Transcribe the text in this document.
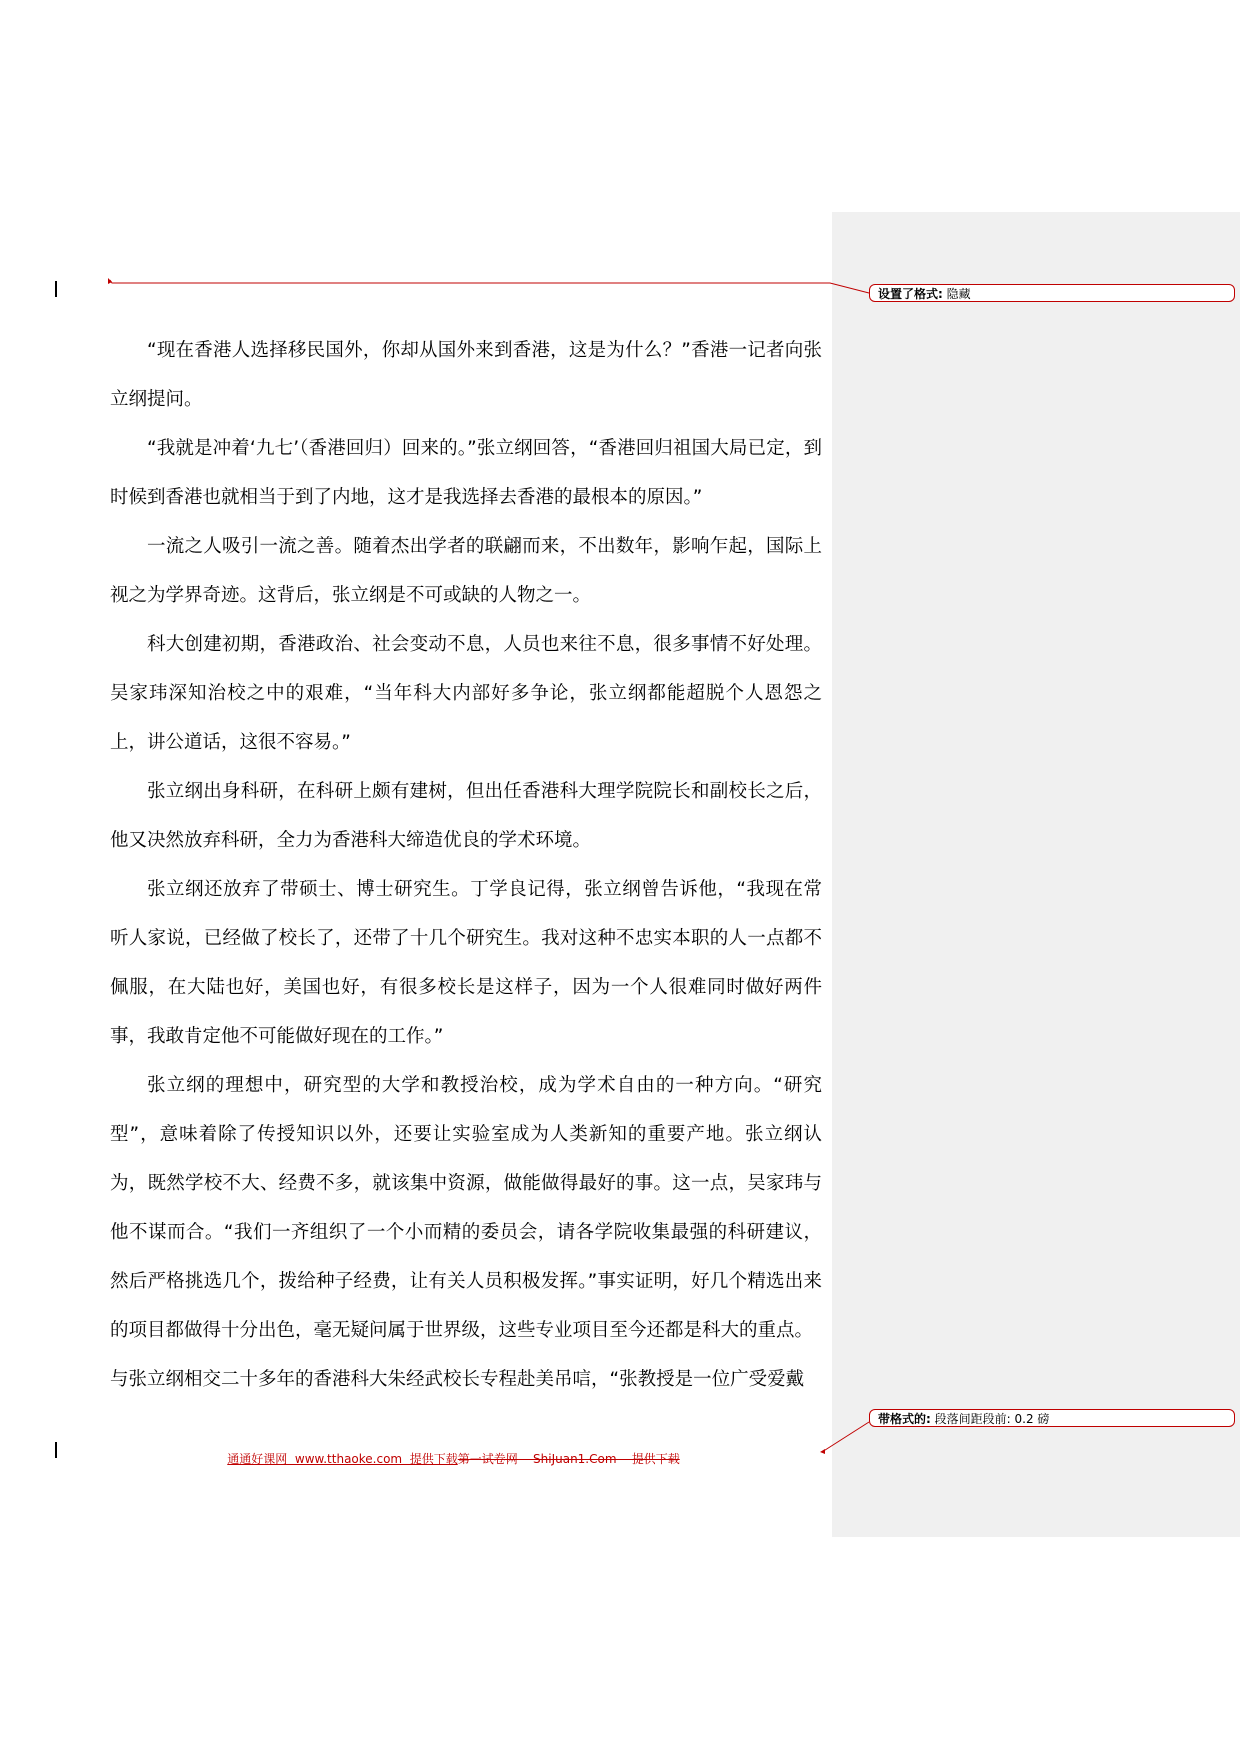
设置了格式: 隐藏
带格式的: 段落间距段前: 0.2 磅

“现在香港人选择移民国外，你却从国外来到香港，这是为什么？”香港一记者向张立纲提问。

“我就是冲着‘九七’（香港回归）回来的。”张立纲回答，“香港回归祖国大局已定，到时候到香港也就相当于到了内地，这才是我选择去香港的最根本的原因。”

一流之人吸引一流之善。随着杰出学者的联翩而来，不出数年，影响乍起，国际上视之为学界奇迹。这背后，张立纲是不可或缺的人物之一。

科大创建初期，香港政治、社会变动不息，人员也来往不息，很多事情不好处理。吴家玮深知治校之中的艰难，“当年科大内部好多争论，张立纲都能超脱个人恩怨之上，讲公道话，这很不容易。”

张立纲出身科研，在科研上颇有建树，但出任香港科大理学院院长和副校长之后，他又决然放弃科研，全力为香港科大缔造优良的学术环境。

张立纲还放弃了带硕士、博士研究生。丁学良记得，张立纲曾告诉他，“我现在常听人家说，已经做了校长了，还带了十几个研究生。我对这种不忠实本职的人一点都不佩服，在大陆也好，美国也好，有很多校长是这样子，因为一个人很难同时做好两件事，我敢肯定他不可能做好现在的工作。”

张立纲的理想中，研究型的大学和教授治校，成为学术自由的一种方向。“研究型”，意味着除了传授知识以外，还要让实验室成为人类新知的重要产地。张立纲认为，既然学校不大、经费不多，就该集中资源，做能做得最好的事。这一点，吴家玮与他不谋而合。“我们一齐组织了一个小而精的委员会，请各学院收集最强的科研建议，然后严格挑选几个，拨给种子经费，让有关人员积极发挥。”事实证明，好几个精选出来的项目都做得十分出色，毫无疑问属于世界级，这些专业项目至今还都是科大的重点。

与张立纲相交二十多年的香港科大朱经武校长专程赴美吊唁，“张教授是一位广受爱戴

通通好课网  www.tthaoke.com  提供下载第一试卷网    ShiJuan1.Com    提供下载
